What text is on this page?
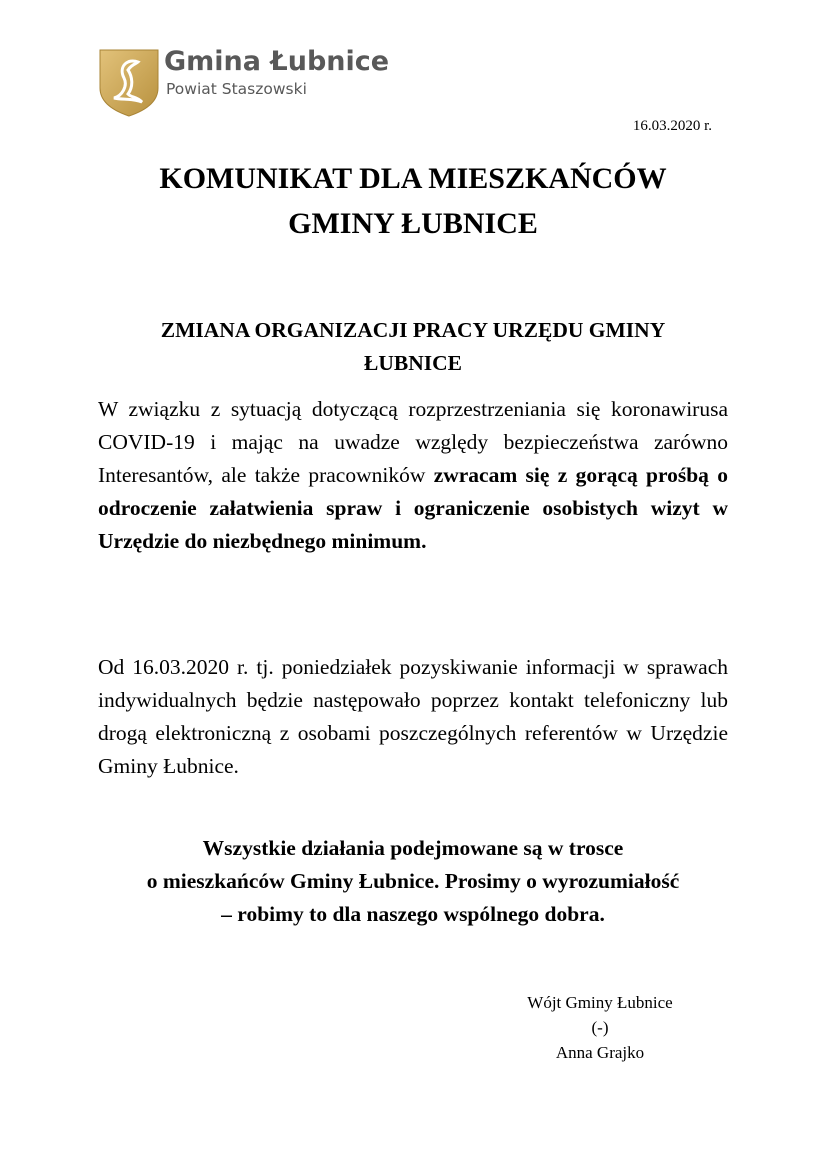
Gmina Łubnice
Powiat Staszowski
16.03.2020 r.
KOMUNIKAT DLA MIESZKAŃCÓW
GMINY ŁUBNICE
ZMIANA ORGANIZACJI PRACY URZĘDU GMINY
ŁUBNICE

W związku z sytuacją dotyczącą rozprzestrzeniania się koronawirusa COVID-19 i mając na uwadze względy bezpieczeństwa zarówno Interesantów, ale także pracowników zwracam się z gorącą prośbą o odroczenie załatwienia spraw i ograniczenie osobistych wizyt w Urzędzie do niezbędnego minimum.

Od 16.03.2020 r. tj. poniedziałek pozyskiwanie informacji w sprawach indywidualnych będzie następowało poprzez kontakt telefoniczny lub drogą elektroniczną z osobami poszczególnych referentów w Urzędzie Gminy Łubnice.

Wszystkie działania podejmowane są w trosce
o mieszkańców Gminy Łubnice. Prosimy o wyrozumiałość
– robimy to dla naszego wspólnego dobra.

Wójt Gminy Łubnice
(-)
Anna Grajko
